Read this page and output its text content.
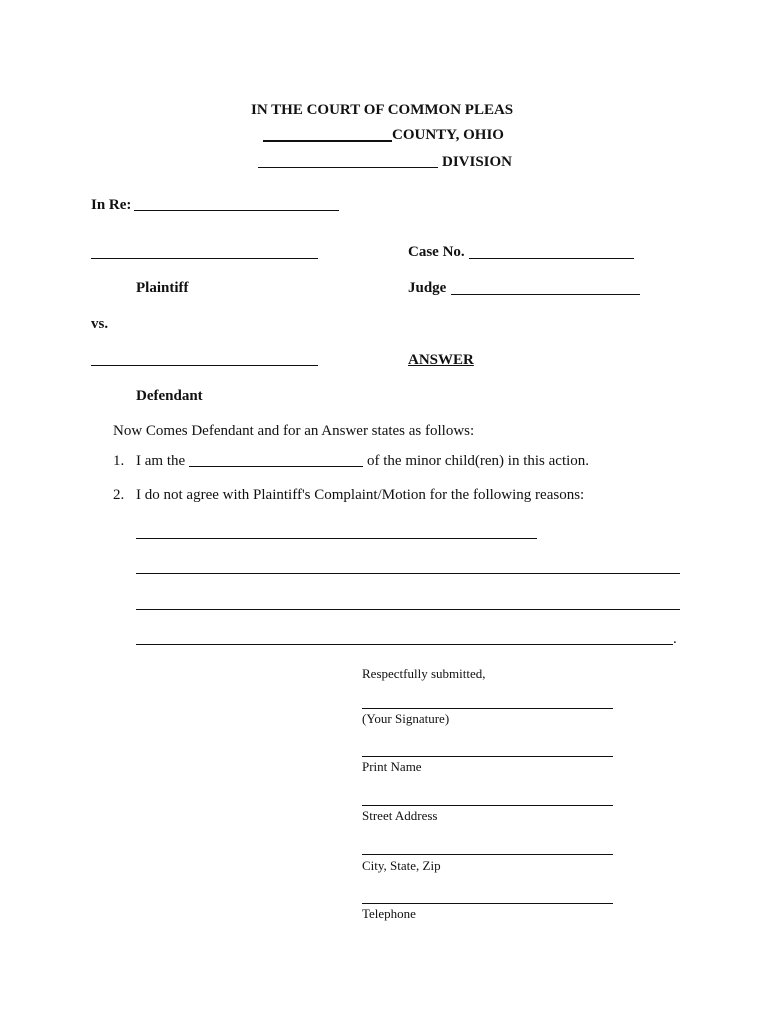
IN THE COURT OF COMMON PLEAS
COUNTY, OHIO
DIVISION
In Re:
Case No.
Plaintiff	Judge
vs.
ANSWER
Defendant
Now Comes Defendant and for an Answer states as follows:
1. I am the	of the minor child(ren) in this action.
2. I do not agree with Plaintiff's Complaint/Motion for the following reasons:
.
Respectfully submitted,
(Your Signature)
Print Name
Street Address
City, State, Zip
Telephone
